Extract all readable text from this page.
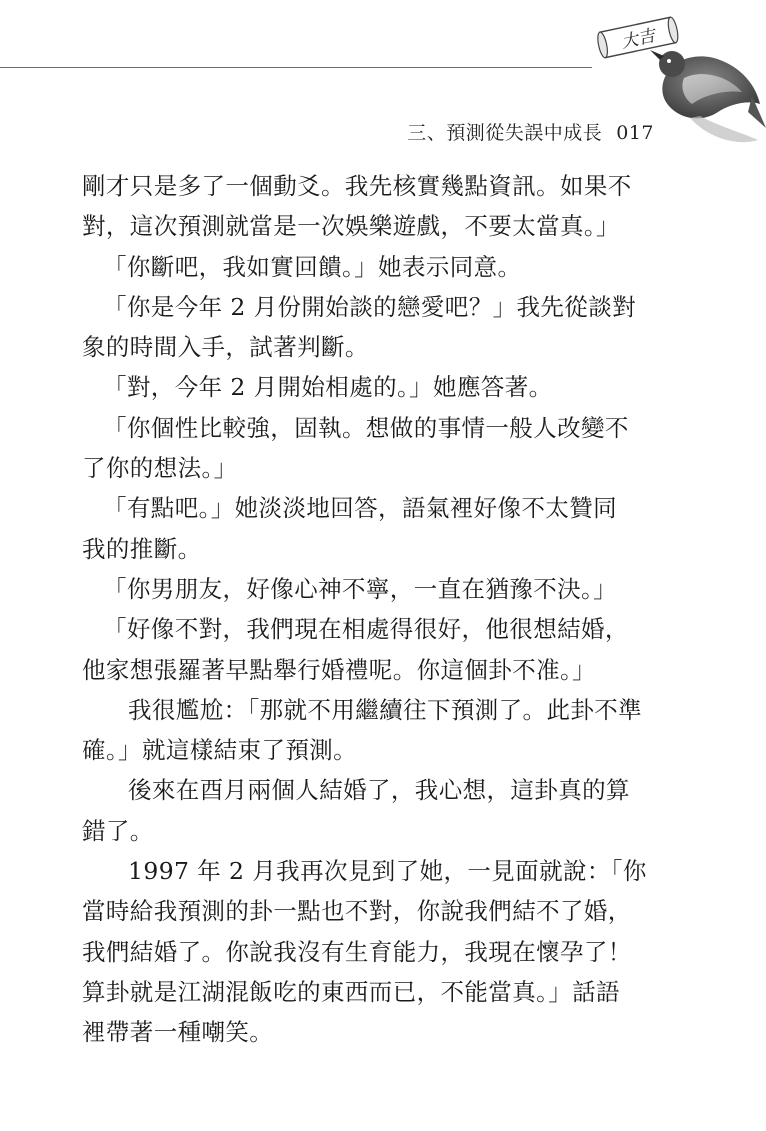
大吉
三、預測從失誤中成長 017
剛才只是多了一個動爻。我先核實幾點資訊。如果不
對，這次預測就當是一次娛樂遊戲，不要太當真。」
「你斷吧，我如實回饋。」她表示同意。
「你是今年 2 月份開始談的戀愛吧？」我先從談對
象的時間入手，試著判斷。
「對，今年 2 月開始相處的。」她應答著。
「你個性比較強，固執。想做的事情一般人改變不
了你的想法。」
「有點吧。」她淡淡地回答，語氣裡好像不太贊同
我的推斷。
「你男朋友，好像心神不寧，一直在猶豫不決。」
「好像不對，我們現在相處得很好，他很想結婚，
他家想張羅著早點舉行婚禮呢。你這個卦不准。」
我很尷尬：「那就不用繼續往下預測了。此卦不準
確。」就這樣結束了預測。
後來在酉月兩個人結婚了，我心想，這卦真的算
錯了。
1997 年 2 月我再次見到了她，一見面就說：「你
當時給我預測的卦一點也不對，你說我們結不了婚，
我們結婚了。你說我沒有生育能力，我現在懷孕了！
算卦就是江湖混飯吃的東西而已，不能當真。」話語
裡帶著一種嘲笑。
